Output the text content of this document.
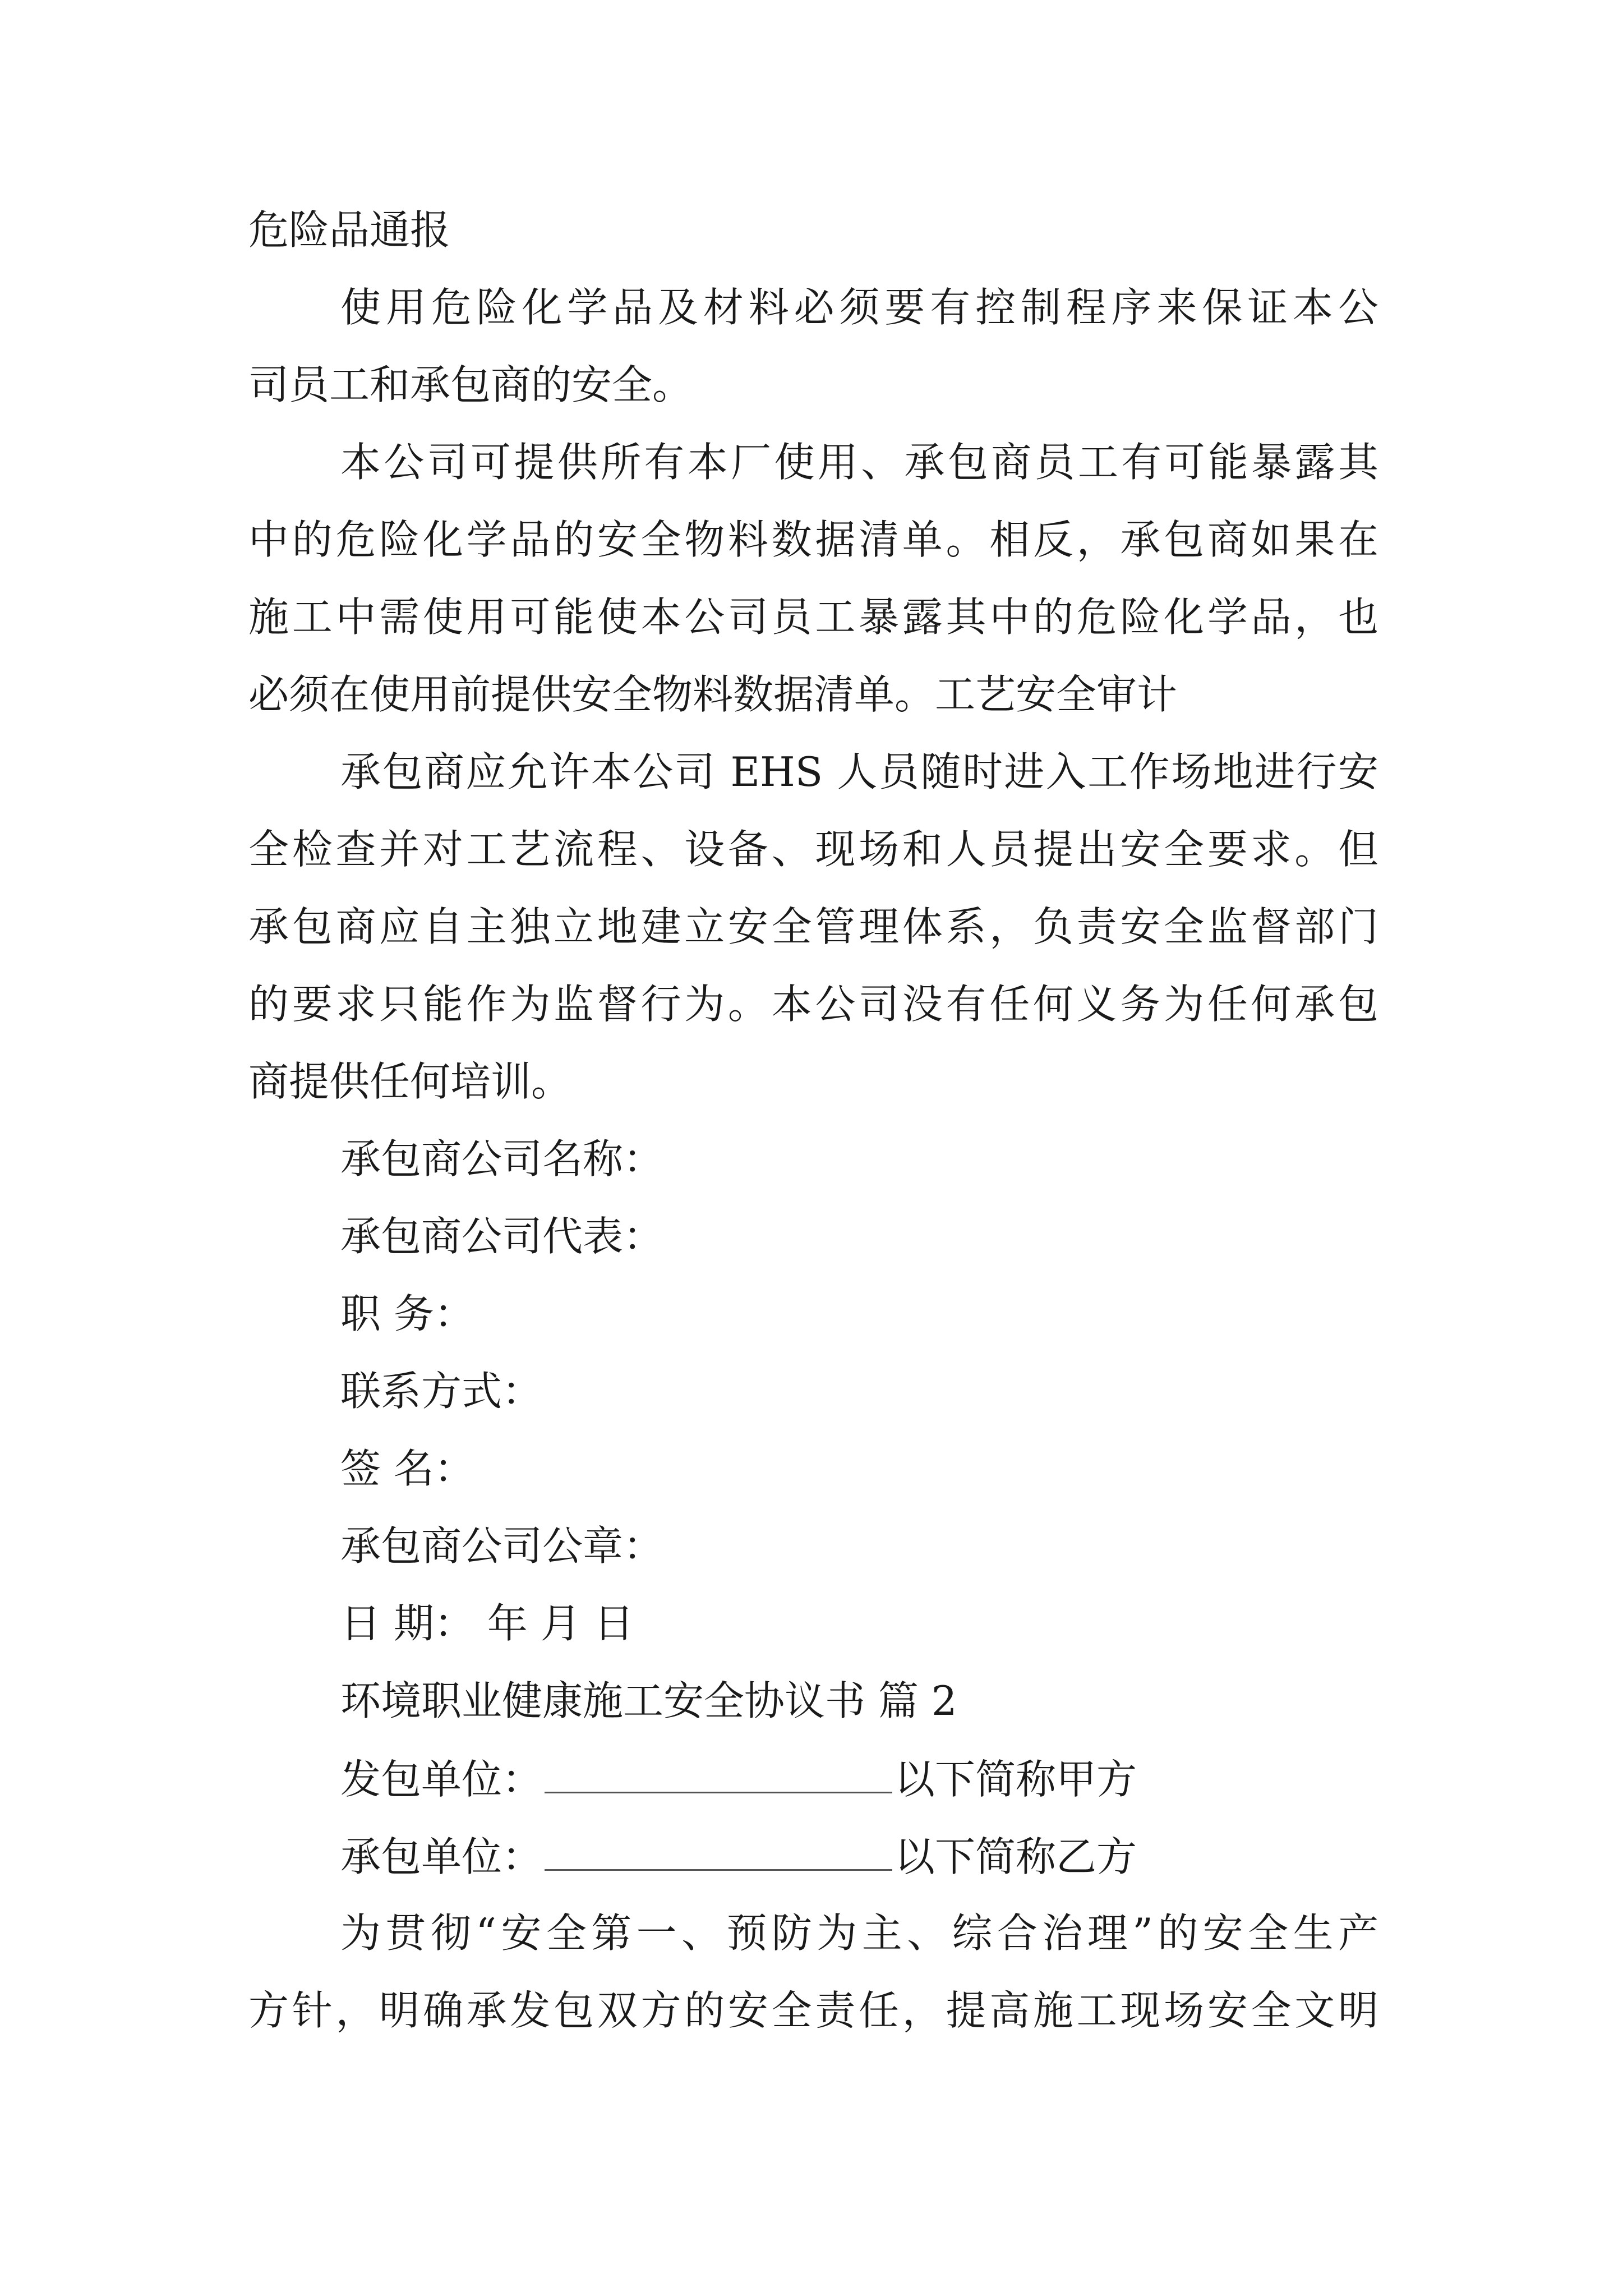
危险品通报
使用危险化学品及材料必须要有控制程序来保证本公
司员工和承包商的安全。
本公司可提供所有本厂使用、承包商员工有可能暴露其
中的危险化学品的安全物料数据清单。相反，承包商如果在
施工中需使用可能使本公司员工暴露其中的危险化学品，也
必须在使用前提供安全物料数据清单。工艺安全审计
承包商应允许本公司 EHS 人员随时进入工作场地进行安
全检查并对工艺流程、设备、现场和人员提出安全要求。但
承包商应自主独立地建立安全管理体系，负责安全监督部门
的要求只能作为监督行为。本公司没有任何义务为任何承包
商提供任何培训。
承包商公司名称：
承包商公司代表：
职 务：
联系方式：
签 名：
承包商公司公章：
日 期： 年 月 日
环境职业健康施工安全协议书 篇 2
发包单位：	以下简称甲方
承包单位：	以下简称乙方
为贯彻“安全第一、预防为主、综合治理”的安全生产
方针，明确承发包双方的安全责任，提高施工现场安全文明
